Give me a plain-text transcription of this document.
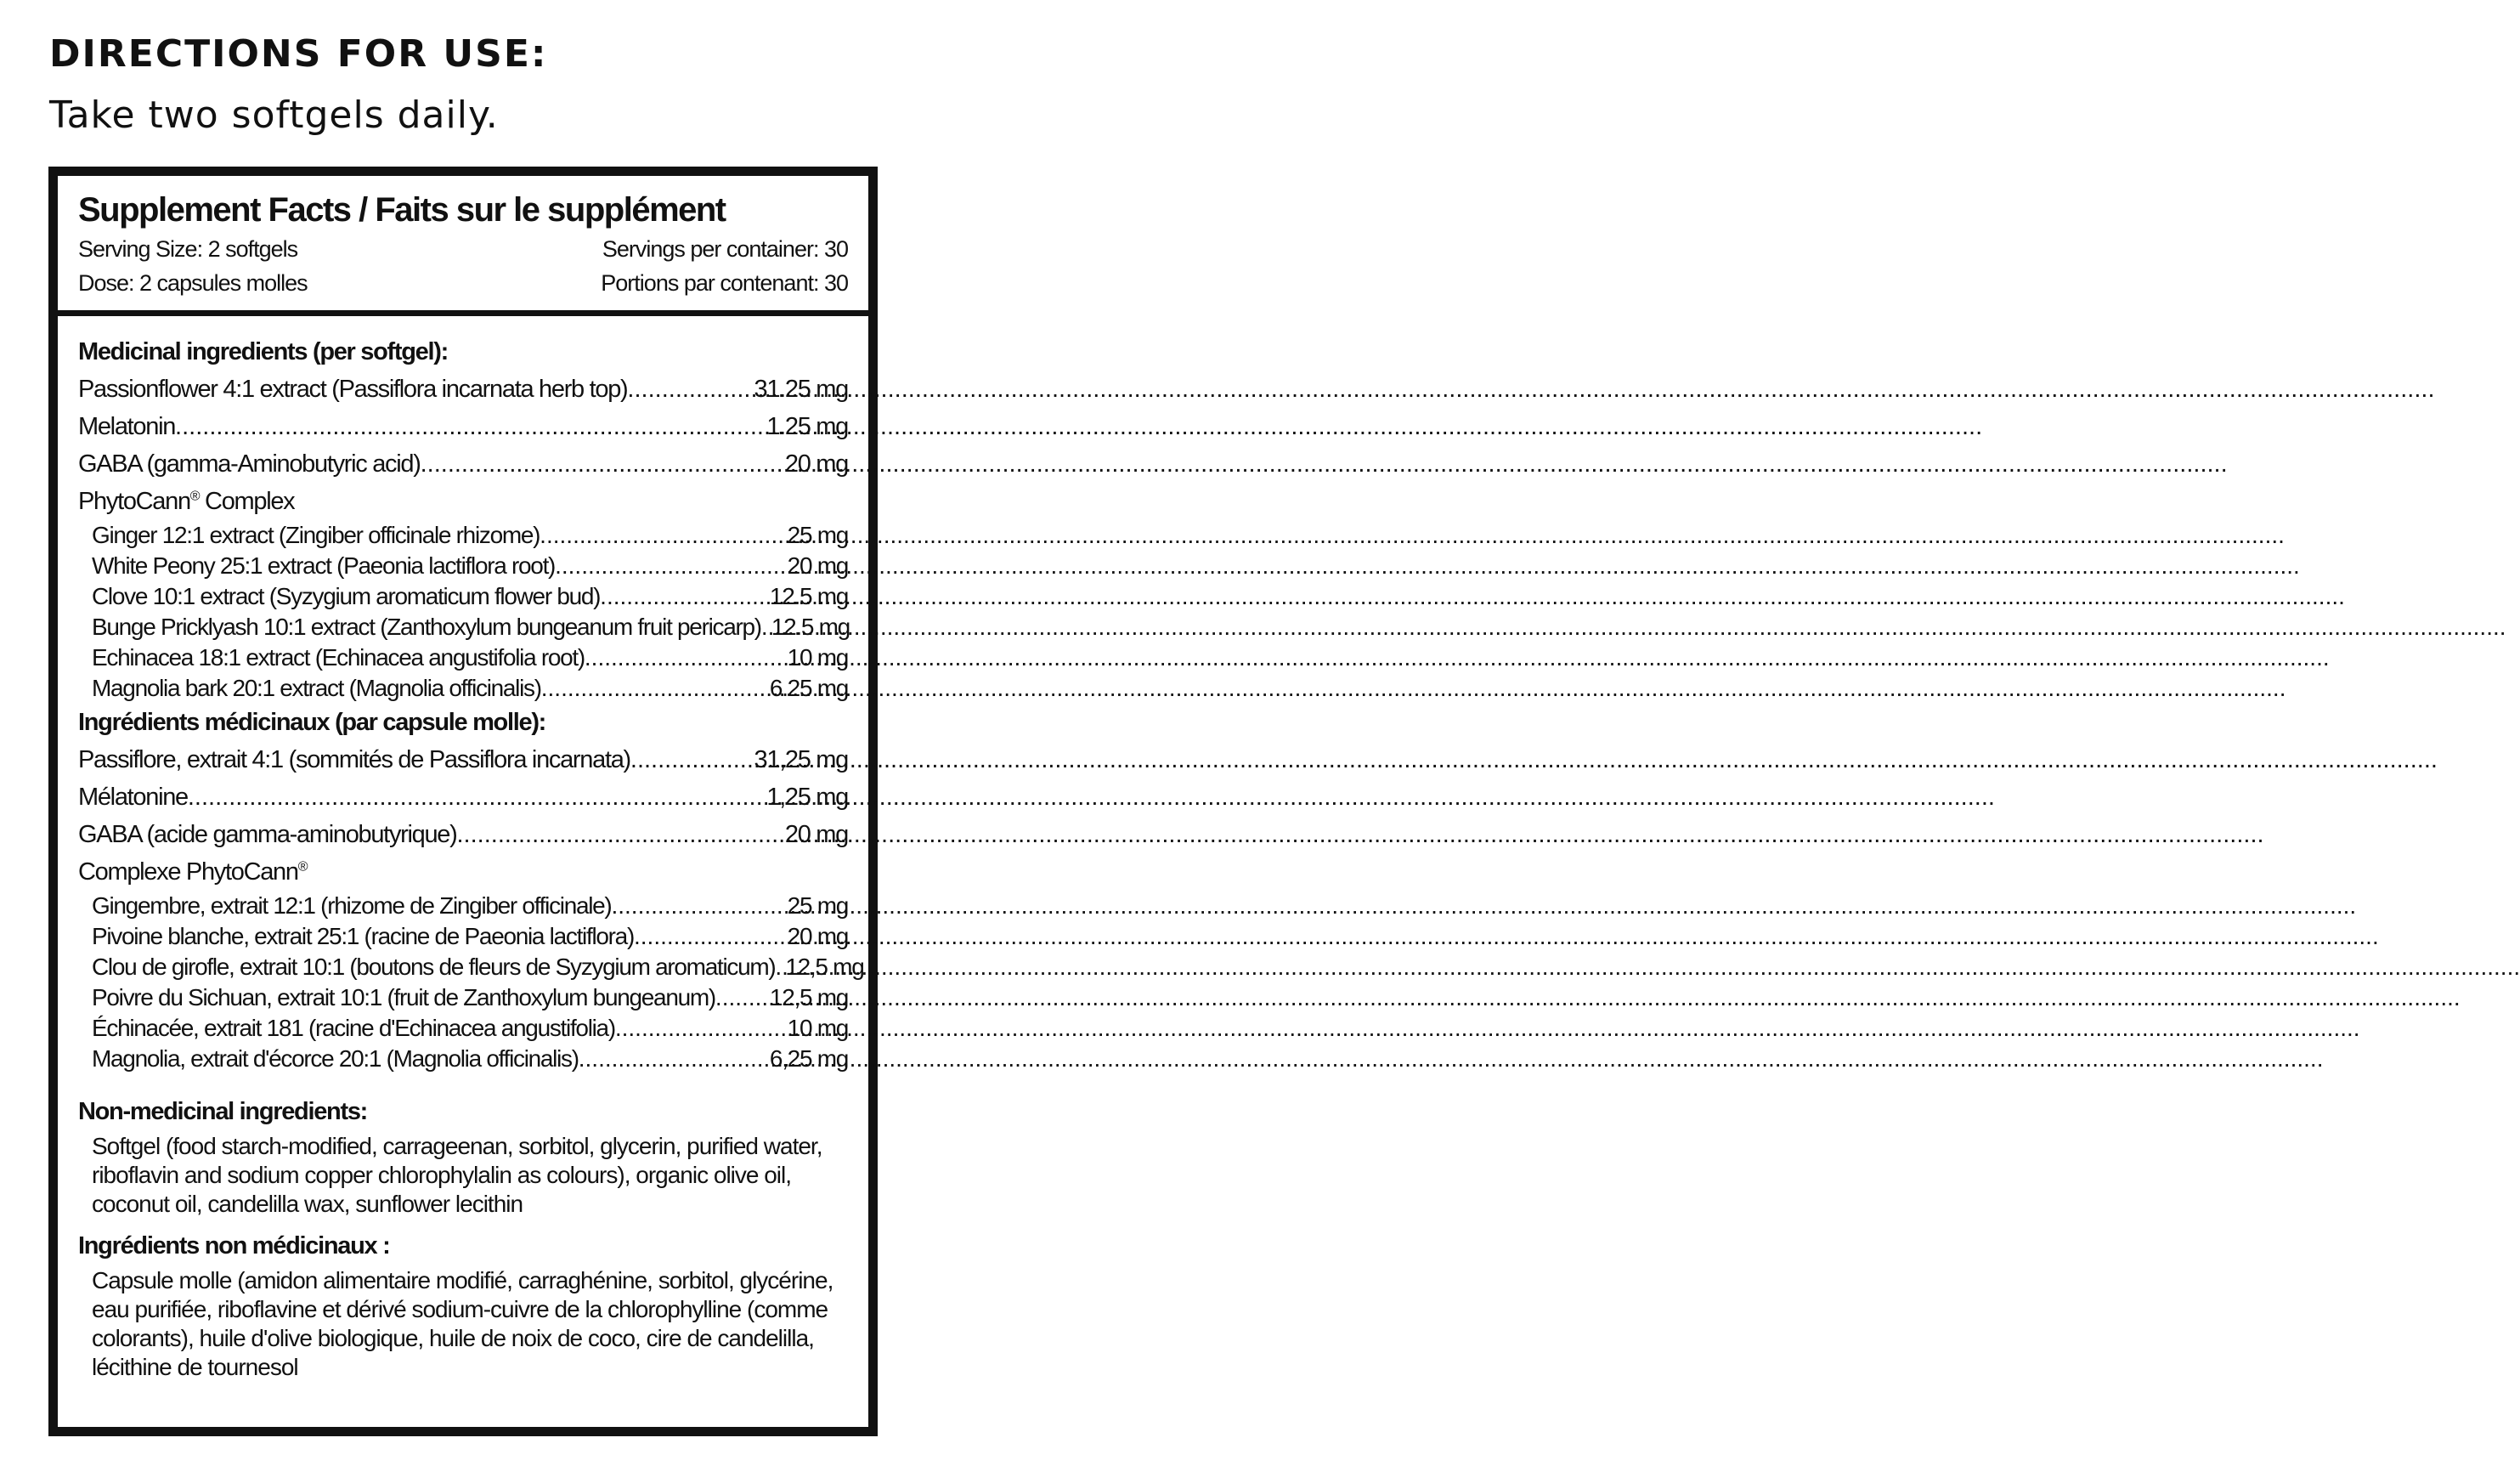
DIRECTIONS FOR USE:

Take two softgels daily.

Supplement Facts / Faits sur le supplément
Serving Size: 2 softgels	Servings per container: 30
Dose: 2 capsules molles	Portions par contenant: 30
Medicinal ingredients (per softgel):
Passionflower 4:1 extract (Passiflora incarnata herb top) .....	31.25 mg
Melatonin .....	1.25 mg
GABA (gamma-Aminobutyric acid) .....	20 mg
PhytoCann® Complex
Ginger 12:1 extract (Zingiber officinale rhizome) .....	25 mg
White Peony 25:1 extract (Paeonia lactiflora root) .....	20 mg
Clove 10:1 extract (Syzygium aromaticum flower bud) .....	12.5 mg
Bunge Pricklyash 10:1 extract (Zanthoxylum bungeanum fruit pericarp) ..... 12.5 mg
Echinacea 18:1 extract (Echinacea angustifolia root) .....	10 mg
Magnolia bark 20:1 extract (Magnolia officinalis) .....	6.25 mg
Ingrédients médicinaux (par capsule molle):
Passiflore, extrait 4:1 (sommités de Passiflora incarnata) .....	31,25 mg
Mélatonine .....	1,25 mg
GABA (acide gamma-aminobutyrique) .....	20 mg
Complexe PhytoCann®
Gingembre, extrait 12:1 (rhizome de Zingiber officinale) .....	25 mg
Pivoine blanche, extrait 25:1 (racine de Paeonia lactiflora) .....	20 mg
Clou de girofle, extrait 10:1 (boutons de fleurs de Syzygium aromaticum) ..... 12,5 mg
Poivre du Sichuan, extrait 10:1 (fruit de Zanthoxylum bungeanum) ..... 12,5 mg
Échinacée, extrait 181 (racine d'Echinacea angustifolia) .....	10 mg
Magnolia, extrait d'écorce 20:1 (Magnolia officinalis) .....	6,25 mg
Non-medicinal ingredients:

Softgel (food starch-modified, carrageenan, sorbitol, glycerin, purified water, riboflavin and sodium copper chlorophylalin as colours), organic olive oil, coconut oil, candelilla wax, sunflower lecithin

Ingrédients non médicinaux :

Capsule molle (amidon alimentaire modifié, carraghénine, sorbitol, glycérine, eau purifiée, riboflavine et dérivé sodium-cuivre de la chlorophylline (comme colorants), huile d'olive biologique, huile de noix de coco, cire de candelilla, lécithine de tournesol
